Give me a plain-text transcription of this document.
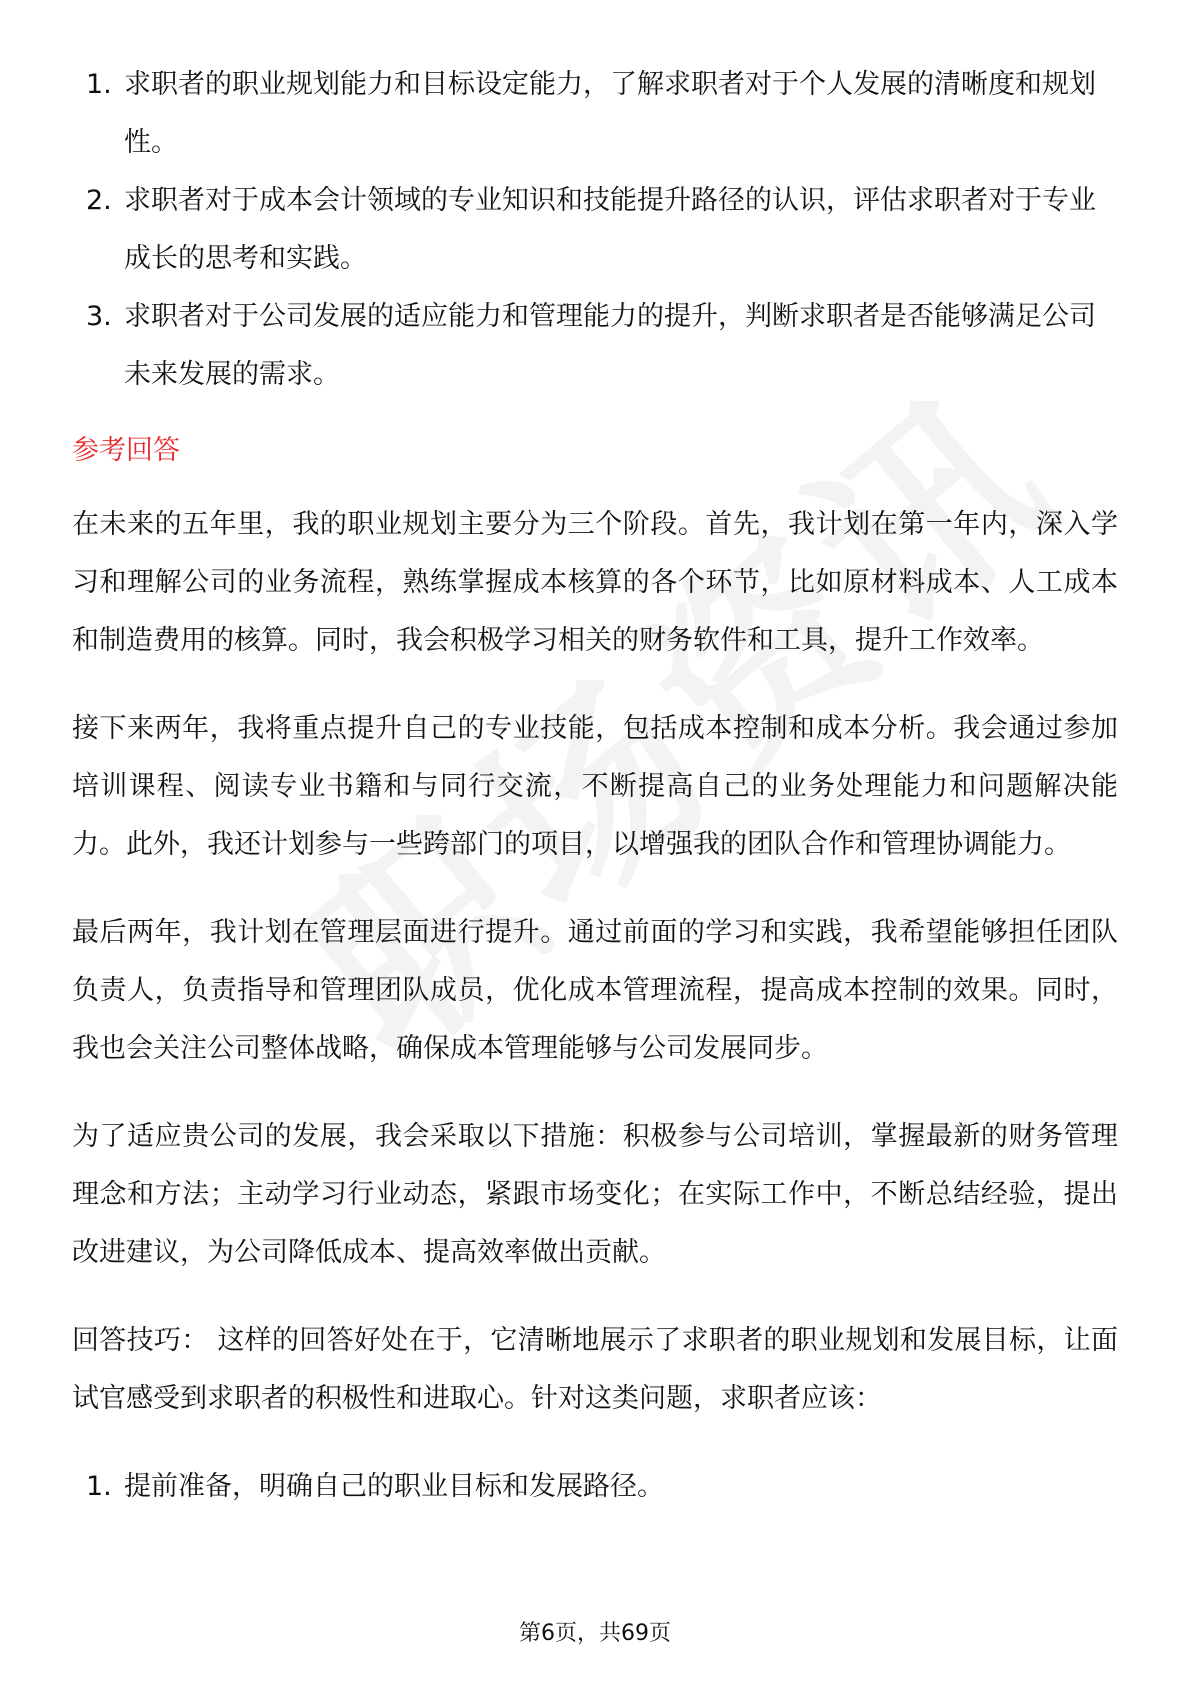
1. 求职者的职业规划能力和目标设定能力，了解求职者对于个人发展的清晰度和规划性。
2. 求职者对于成本会计领域的专业知识和技能提升路径的认识，评估求职者对于专业成长的思考和实践。
3. 求职者对于公司发展的适应能力和管理能力的提升，判断求职者是否能够满足公司未来发展的需求。
参考回答

在未来的五年里，我的职业规划主要分为三个阶段。首先，我计划在第一年内，深入学习和理解公司的业务流程，熟练掌握成本核算的各个环节，比如原材料成本、人工成本和制造费用的核算。同时，我会积极学习相关的财务软件和工具，提升工作效率。

接下来两年，我将重点提升自己的专业技能，包括成本控制和成本分析。我会通过参加培训课程、阅读专业书籍和与同行交流，不断提高自己的业务处理能力和问题解决能力。此外，我还计划参与一些跨部门的项目，以增强我的团队合作和管理协调能力。

最后两年，我计划在管理层面进行提升。通过前面的学习和实践，我希望能够担任团队负责人，负责指导和管理团队成员，优化成本管理流程，提高成本控制的效果。同时，我也会关注公司整体战略，确保成本管理能够与公司发展同步。

为了适应贵公司的发展，我会采取以下措施：积极参与公司培训，掌握最新的财务管理理念和方法；主动学习行业动态，紧跟市场变化；在实际工作中，不断总结经验，提出改进建议，为公司降低成本、提高效率做出贡献。

回答技巧： 这样的回答好处在于，它清晰地展示了求职者的职业规划和发展目标，让面试官感受到求职者的积极性和进取心。针对这类问题，求职者应该：

1. 提前准备，明确自己的职业目标和发展路径。
第6页，共69页
